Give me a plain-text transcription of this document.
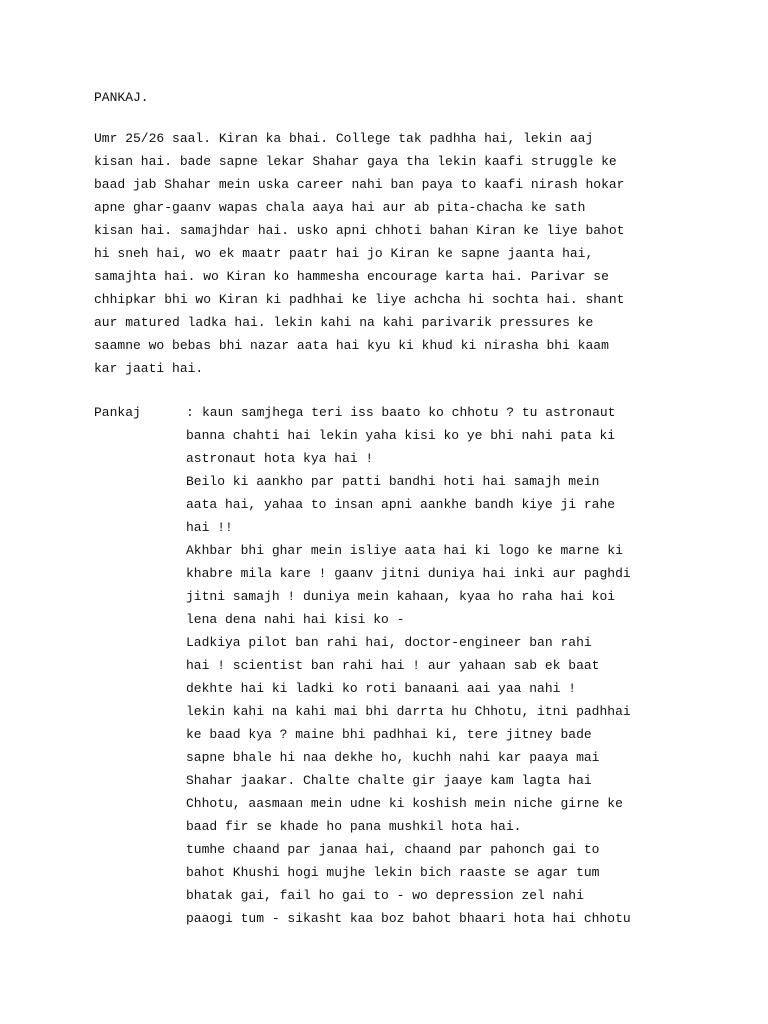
PANKAJ.
Umr 25/26 saal. Kiran ka bhai. College tak padhha hai, lekin aaj
kisan hai. bade sapne lekar Shahar gaya tha lekin kaafi struggle ke
baad jab Shahar mein uska career nahi ban paya to kaafi nirash hokar
apne ghar-gaanv wapas chala aaya hai aur ab pita-chacha ke sath
kisan hai. samajhdar hai. usko apni chhoti bahan Kiran ke liye bahot
hi sneh hai, wo ek maatr paatr hai jo Kiran ke sapne jaanta hai,
samajhta hai. wo Kiran ko hammesha encourage karta hai. Parivar se
chhipkar bhi wo Kiran ki padhhai ke liye achcha hi sochta hai. shant
aur matured ladka hai. lekin kahi na kahi parivarik pressures ke
saamne wo bebas bhi nazar aata hai kyu ki khud ki nirasha bhi kaam
kar jaati hai.
Pankaj	: kaun samjhega teri iss baato ko chhotu ? tu astronaut
banna chahti hai lekin yaha kisi ko ye bhi nahi pata ki
astronaut hota kya hai !
Beilo ki aankho par patti bandhi hoti hai samajh mein
aata hai, yahaa to insan apni aankhe bandh kiye ji rahe
hai !!
Akhbar bhi ghar mein isliye aata hai ki logo ke marne ki
khabre mila kare ! gaanv jitni duniya hai inki aur paghdi
jitni samajh ! duniya mein kahaan, kyaa ho raha hai koi
lena dena nahi hai kisi ko -
Ladkiya pilot ban rahi hai, doctor-engineer ban rahi
hai ! scientist ban rahi hai ! aur yahaan sab ek baat
dekhte hai ki ladki ko roti banaani aai yaa nahi !
lekin kahi na kahi mai bhi darrta hu Chhotu, itni padhhai
ke baad kya ? maine bhi padhhai ki, tere jitney bade
sapne bhale hi naa dekhe ho, kuchh nahi kar paaya mai
Shahar jaakar. Chalte chalte gir jaaye kam lagta hai
Chhotu, aasmaan mein udne ki koshish mein niche girne ke
baad fir se khade ho pana mushkil hota hai.
tumhe chaand par janaa hai, chaand par pahonch gai to
bahot Khushi hogi mujhe lekin bich raaste se agar tum
bhatak gai, fail ho gai to - wo depression zel nahi
paaogi tum - sikasht kaa boz bahot bhaari hota hai chhotu
